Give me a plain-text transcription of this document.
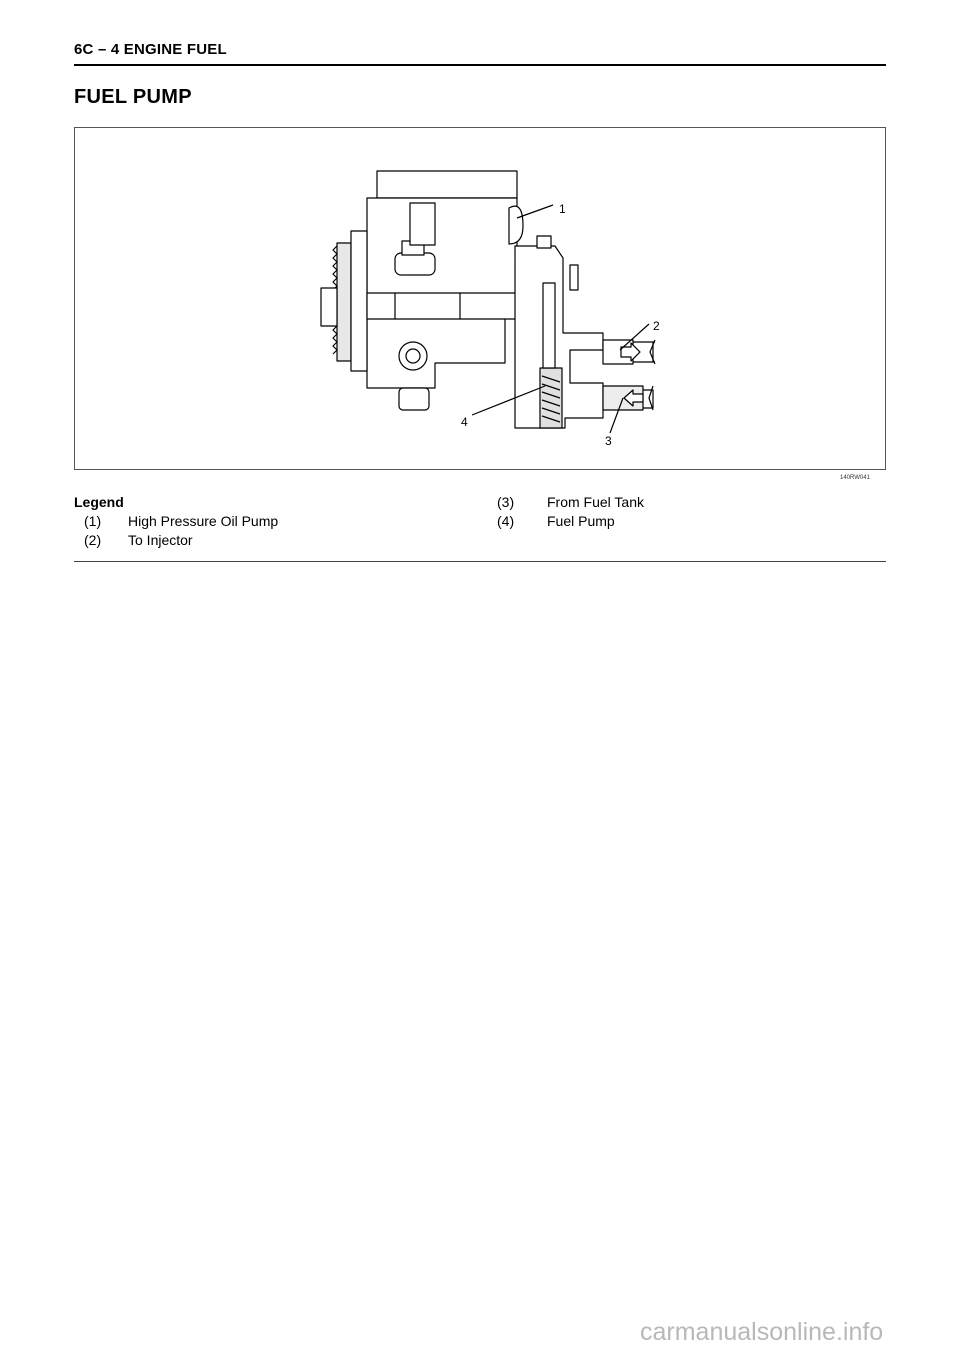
6C – 4 ENGINE FUEL
FUEL PUMP
1
2
3
4
140RW041
Legend
(1) High Pressure Oil Pump
(2) To Injector
(3) From Fuel Tank
(4) Fuel Pump
carmanualsonline.info
